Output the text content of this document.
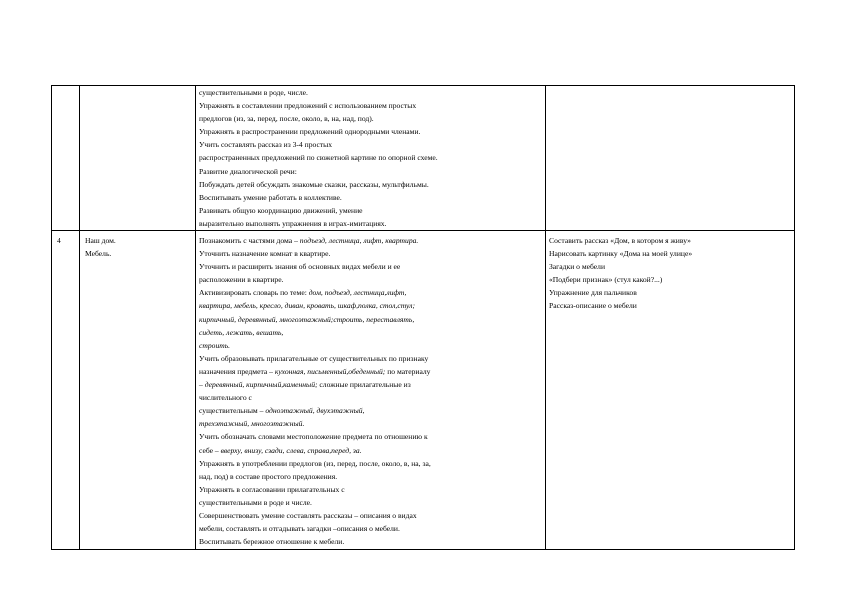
существительными в роде, числе.
Упражнять в составлении предложений с использованием простых
предлогов (из, за, перед, после, около, в, на, над, под).
Упражнять в распространении предложений однородными членами.
Учить составлять рассказ из 3-4 простых
распространенных предложений по сюжетной картине по опорной схеме.
Развитие диалогической речи:
Побуждать детей обсуждать знакомые сказки, рассказы, мультфильмы.
Воспитывать умение работать в коллективе.
Развивать общую координацию движений, умение
выразительно выполнять упражнения в играх-имитациях.
4	Наш дом.
Мебель.
Познакомить с частями дома – подъезд, лестница, лифт, квартира.
Уточнить назначение комнат в квартире.
Уточнить и расширить знания об основных видах мебели и ее
расположении в квартире.
Активизировать словарь по теме: дом, подъезд, лестница,лифт,
квартира, мебель, кресло, диван, кровать, шкаф,полка, стол,стул;
кирпичный, деревянный, многоэтажный;строить, переставлять,
сидеть, лежать, вешать,
строить.
Учить образовывать прилагательные от существительных по признаку
назначения предмета – кухонная, письменный,обеденный; по материалу
– деревянный, кирпичный,каменный; сложные прилагательные из
числительного с
существительным – одноэтажный, двухэтажный,
трехэтажный, многоэтажный.
Учить обозначать словами местоположение предмета по отношению к
себе – вверху, внизу, сзади, слева, справа,перед, за.
Упражнять в употреблении предлогов (из, перед, после, около, в, на, за,
над, под) в составе простого предложения.
Упражнять в согласовании прилагательных с
существительными в роде и числе.
Совершенствовать умение составлять рассказы – описания о видах
мебели, составлять и отгадывать загадки –описания о мебели.
Воспитывать бережное отношение к мебели.
Составить рассказ «Дом, в котором я живу»
Нарисовать картинку «Дома на моей улице»
Загадки о мебели
«Подбери признак» (стул какой?...)
Упражнение для пальчиков
Рассказ-описание о мебели
